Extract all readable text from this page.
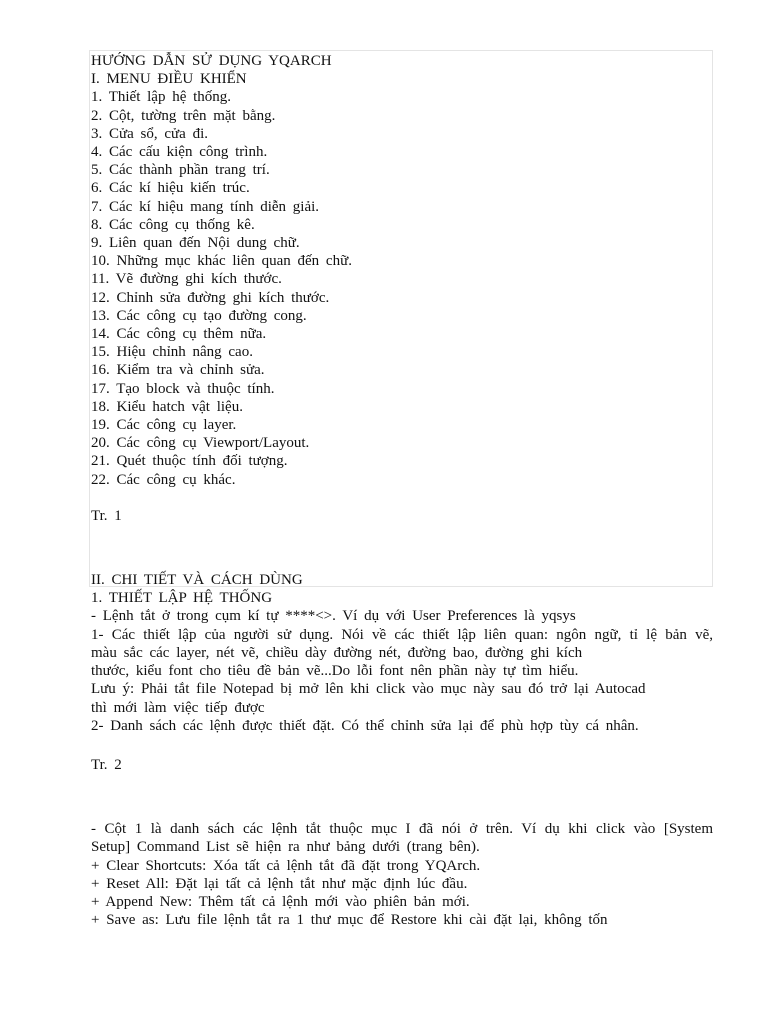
HƯỚNG DẪN SỬ DỤNG YQARCH

I. MENU ĐIỀU KHIỂN

1. Thiết lập hệ thống.

2. Cột, tường trên mặt bằng.

3. Cửa sổ, cửa đi.

4. Các cấu kiện công trình.

5. Các thành phần trang trí.

6. Các kí hiệu kiến trúc.

7. Các kí hiệu mang tính diễn giải.

8. Các công cụ thống kê.

9. Liên quan đến Nội dung chữ.

10. Những mục khác liên quan đến chữ.

11. Vẽ đường ghi kích thước.

12. Chỉnh sửa đường ghi kích thước.

13. Các công cụ tạo đường cong.

14. Các công cụ thêm nữa.

15. Hiệu chỉnh nâng cao.

16. Kiểm tra và chỉnh sửa.

17. Tạo block và thuộc tính.

18. Kiểu hatch vật liệu.

19. Các công cụ layer.

20. Các công cụ Viewport/Layout.

21. Quét thuộc tính đối tượng.

22. Các công cụ khác.

Tr. 1

II. CHI TIẾT VÀ CÁCH DÙNG

1. THIẾT LẬP HỆ THỐNG

- Lệnh tắt ở trong cụm kí tự ****<>. Ví dụ với User Preferences là yqsys

1- Các thiết lập của người sử dụng. Nói về các thiết lập liên quan: ngôn ngữ, tỉ lệ bản vẽ, màu sắc các layer, nét vẽ, chiều dày đường nét, đường bao, đường ghi kích

thước, kiểu font cho tiêu đề bản vẽ...Do lỗi font nên phần này tự tìm hiểu.

Lưu ý: Phải tắt file Notepad bị mở lên khi click vào mục này sau đó trở lại Autocad

thì mới làm việc tiếp được

2- Danh sách các lệnh được thiết đặt. Có thể chỉnh sửa lại để phù hợp tùy cá nhân.

Tr. 2

- Cột 1 là danh sách các lệnh tắt thuộc mục I đã nói ở trên. Ví dụ khi click vào [System Setup] Command List sẽ hiện ra như bảng dưới (trang bên).

+ Clear Shortcuts: Xóa tất cả lệnh tắt đã đặt trong YQArch.

+ Reset All: Đặt lại tất cả lệnh tắt như mặc định lúc đầu.

+ Append New: Thêm tất cả lệnh mới vào phiên bản mới.

+ Save as: Lưu file lệnh tắt ra 1 thư mục để Restore khi cài đặt lại, không tốn
